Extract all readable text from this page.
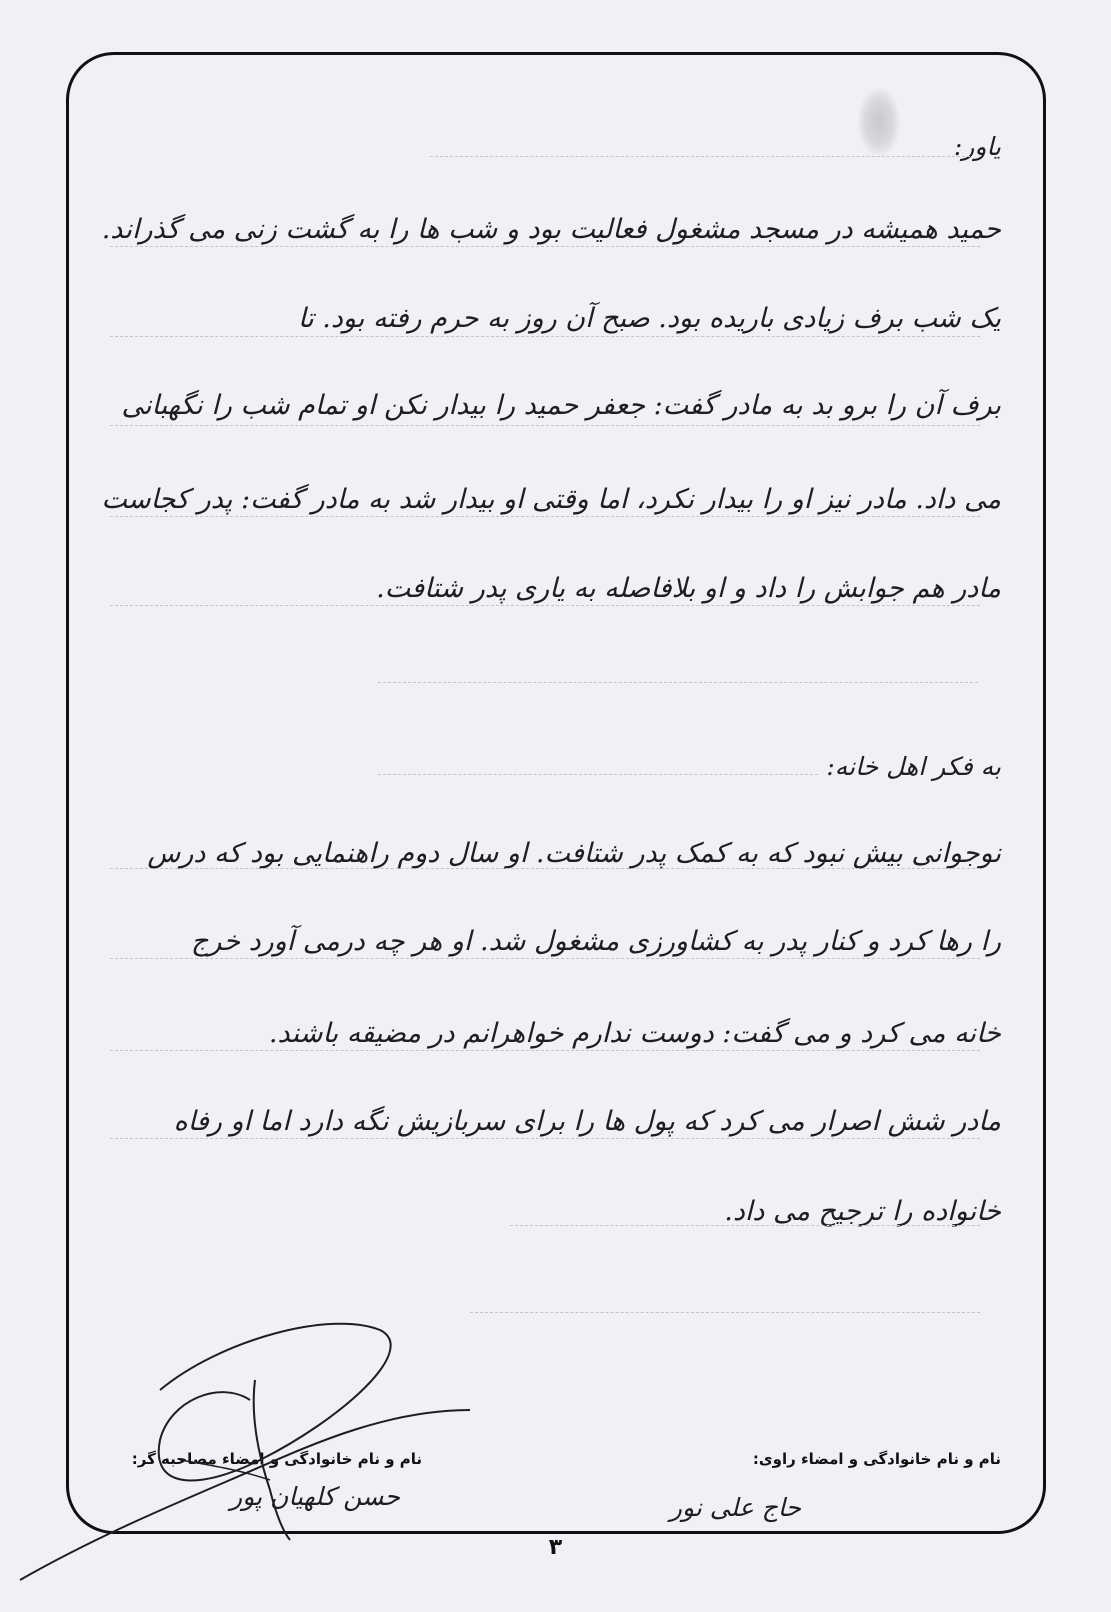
یاور:
حمید همیشه در مسجد مشغول فعالیت بود و شب ها را به گشت زنی می گذراند.
یک شب برف زیادی باریده بود. صبح آن روز به حرم رفته بود. تا
برف آن را برو بد به مادر گفت: جعفر حمید را بیدار نکن او تمام شب را نگهبانی
می داد. مادر نیز او را بیدار نکرد، اما وقتی او بیدار شد به مادر گفت: پدر کجاست
مادر هم جوابش را داد و او بلافاصله به یاری پدر شتافت.
به فکر اهل خانه:
نوجوانی بیش نبود که به کمک پدر شتافت. او سال دوم راهنمایی بود که درس
را رها کرد و کنار پدر به کشاورزی مشغول شد. او هر چه درمی آورد خرج
خانه می کرد و می گفت: دوست ندارم خواهرانم در مضیقه باشند.
مادر شش اصرار می کرد که پول ها را برای سربازیش نگه دارد اما او رفاه
خانواده را ترجیح می داد.
نام و نام خانوادگی و امضاء راوی:
حاج علی نور
نام و نام خانوادگی و امضاء مصاحبه گر:
حسن کلهیان پور
۳
